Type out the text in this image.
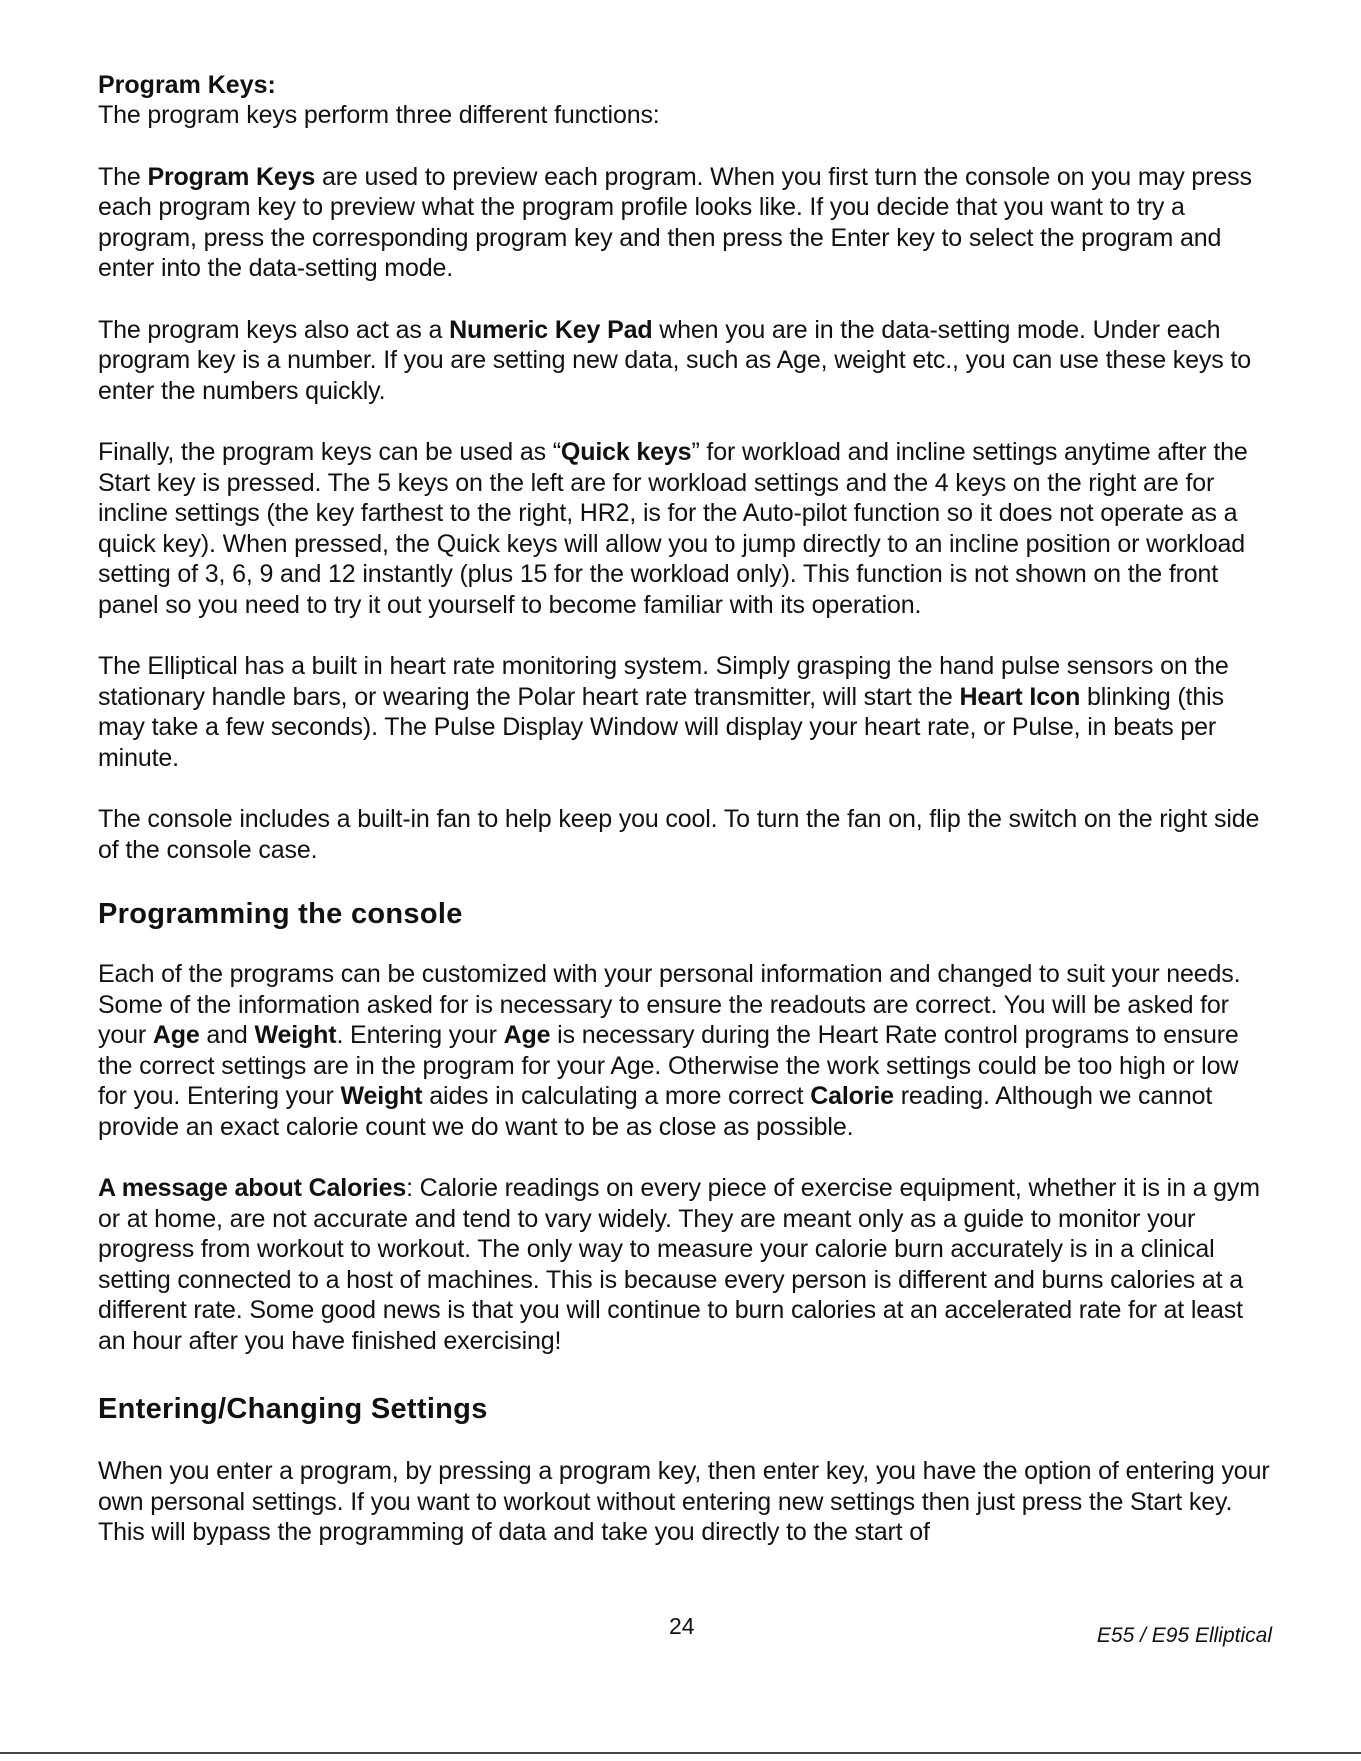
Program Keys:

The program keys perform three different functions:

The Program Keys are used to preview each program. When you first turn the console on you may press each program key to preview what the program profile looks like. If you decide that you want to try a program, press the corresponding program key and then press the Enter key to select the program and enter into the data-setting mode.

The program keys also act as a Numeric Key Pad when you are in the data-setting mode. Under each program key is a number. If you are setting new data, such as Age, weight etc., you can use these keys to enter the numbers quickly.

Finally, the program keys can be used as “Quick keys” for workload and incline settings anytime after the Start key is pressed. The 5 keys on the left are for workload settings and the 4 keys on the right are for incline settings (the key farthest to the right, HR2, is for the Auto-pilot function so it does not operate as a quick key). When pressed, the Quick keys will allow you to jump directly to an incline position or workload setting of 3, 6, 9 and 12 instantly (plus 15 for the workload only). This function is not shown on the front panel so you need to try it out yourself to become familiar with its operation.

The Elliptical has a built in heart rate monitoring system. Simply grasping the hand pulse sensors on the stationary handle bars, or wearing the Polar heart rate transmitter, will start the Heart Icon blinking (this may take a few seconds). The Pulse Display Window will display your heart rate, or Pulse, in beats per minute.

The console includes a built-in fan to help keep you cool. To turn the fan on, flip the switch on the right side of the console case.

Programming the console

Each of the programs can be customized with your personal information and changed to suit your needs. Some of the information asked for is necessary to ensure the readouts are correct. You will be asked for your Age and Weight. Entering your Age is necessary during the Heart Rate control programs to ensure the correct settings are in the program for your Age. Otherwise the work settings could be too high or low for you. Entering your Weight aides in calculating a more correct Calorie reading. Although we cannot provide an exact calorie count we do want to be as close as possible.

A message about Calories: Calorie readings on every piece of exercise equipment, whether it is in a gym or at home, are not accurate and tend to vary widely. They are meant only as a guide to monitor your progress from workout to workout. The only way to measure your calorie burn accurately is in a clinical setting connected to a host of machines. This is because every person is different and burns calories at a different rate. Some good news is that you will continue to burn calories at an accelerated rate for at least an hour after you have finished exercising!

Entering/Changing Settings

When you enter a program, by pressing a program key, then enter key, you have the option of entering your own personal settings. If you want to workout without entering new settings then just press the Start key. This will bypass the programming of data and take you directly to the start of

24	E55 / E95 Elliptical
